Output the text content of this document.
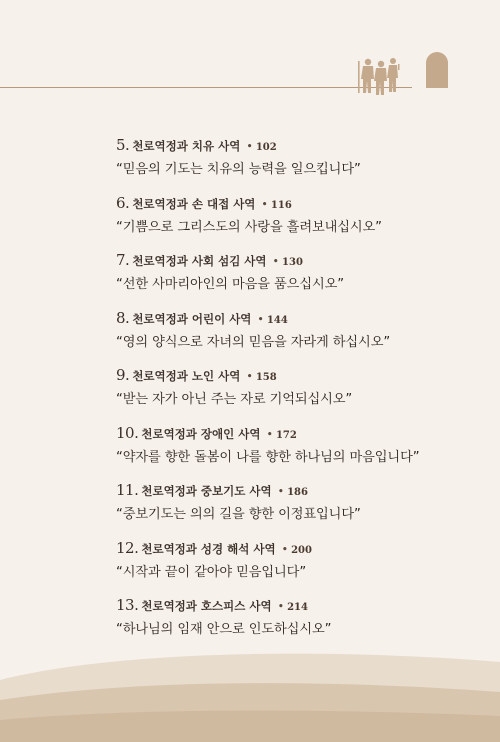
5. 천로역정과 치유 사역 • 102
“믿음의 기도는 치유의 능력을 일으킵니다”
6. 천로역정과 손 대접 사역 • 116
“기쁨으로 그리스도의 사랑을 흘려보내십시오”
7. 천로역정과 사회 섬김 사역 • 130
“선한 사마리아인의 마음을 품으십시오”
8. 천로역정과 어린이 사역 • 144
“영의 양식으로 자녀의 믿음을 자라게 하십시오”
9. 천로역정과 노인 사역 • 158
“받는 자가 아닌 주는 자로 기억되십시오”
10. 천로역정과 장애인 사역 • 172
“약자를 향한 돌봄이 나를 향한 하나님의 마음입니다”
11. 천로역정과 중보기도 사역 • 186
“중보기도는 의의 길을 향한 이정표입니다”
12. 천로역정과 성경 해석 사역 • 200
“시작과 끝이 같아야 믿음입니다”
13. 천로역정과 호스피스 사역 • 214
“하나님의 임재 안으로 인도하십시오”
